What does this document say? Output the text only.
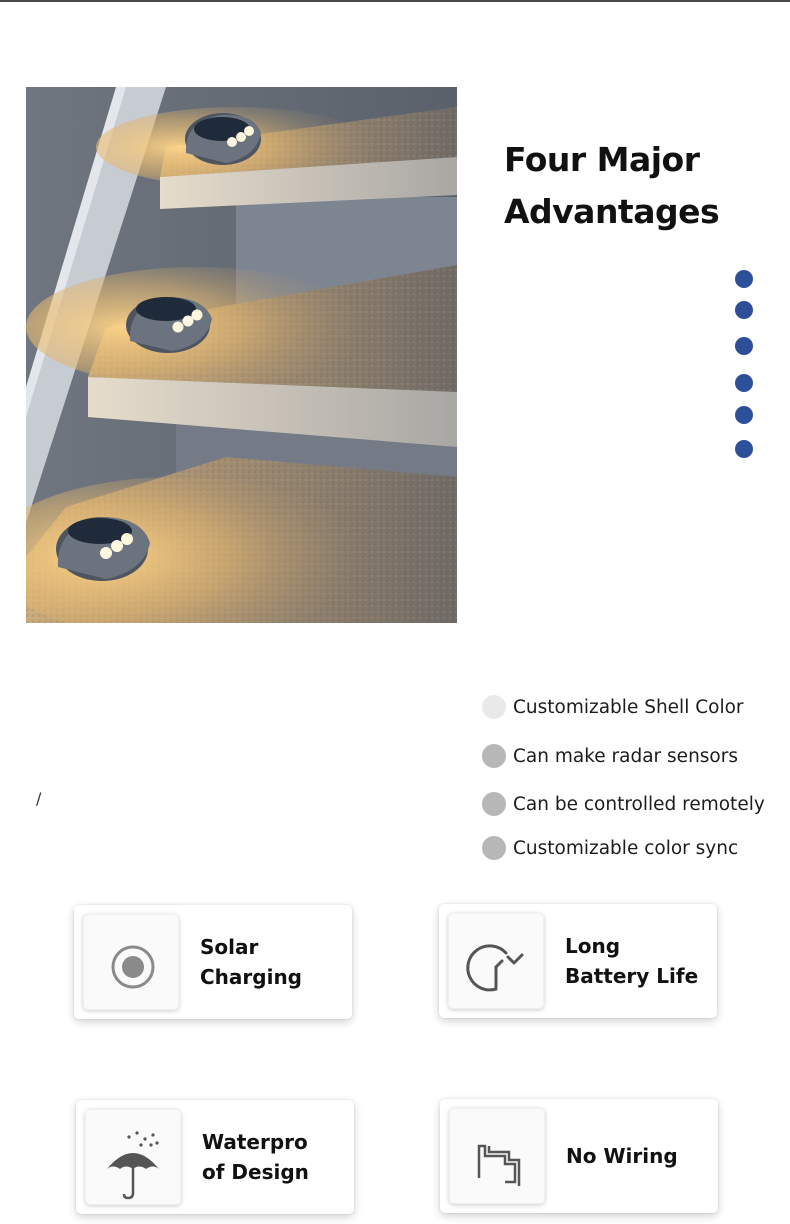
Four Major
Advantages
/
Customizable Shell Color
Can make radar sensors
Can be controlled remotely
Customizable color sync
Solar
Charging
Long
Battery Life
Waterpro
of Design
No Wiring
